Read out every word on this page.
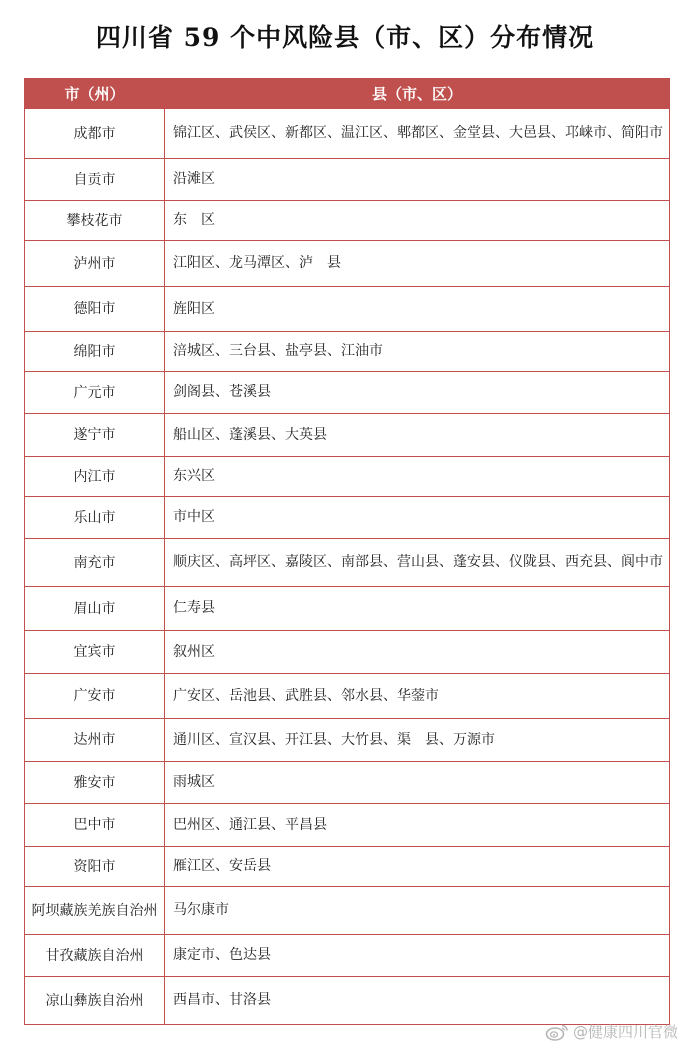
四川省 59 个中风险县（市、区）分布情况
市（州）	县（市、区）
成都市	锦江区、武侯区、新都区、温江区、郫都区、金堂县、大邑县、邛崃市、简阳市
自贡市	沿滩区
攀枝花市	东　区
泸州市	江阳区、龙马潭区、泸　县
德阳市	旌阳区
绵阳市	涪城区、三台县、盐亭县、江油市
广元市	剑阁县、苍溪县
遂宁市	船山区、蓬溪县、大英县
内江市	东兴区
乐山市	市中区
南充市	顺庆区、高坪区、嘉陵区、南部县、营山县、蓬安县、仪陇县、西充县、阆中市
眉山市	仁寿县
宜宾市	叙州区
广安市	广安区、岳池县、武胜县、邻水县、华蓥市
达州市	通川区、宣汉县、开江县、大竹县、渠　县、万源市
雅安市	雨城区
巴中市	巴州区、通江县、平昌县
资阳市	雁江区、安岳县
阿坝藏族羌族自治州	马尔康市
甘孜藏族自治州	康定市、色达县
凉山彝族自治州	西昌市、甘洛县
@健康四川官微
